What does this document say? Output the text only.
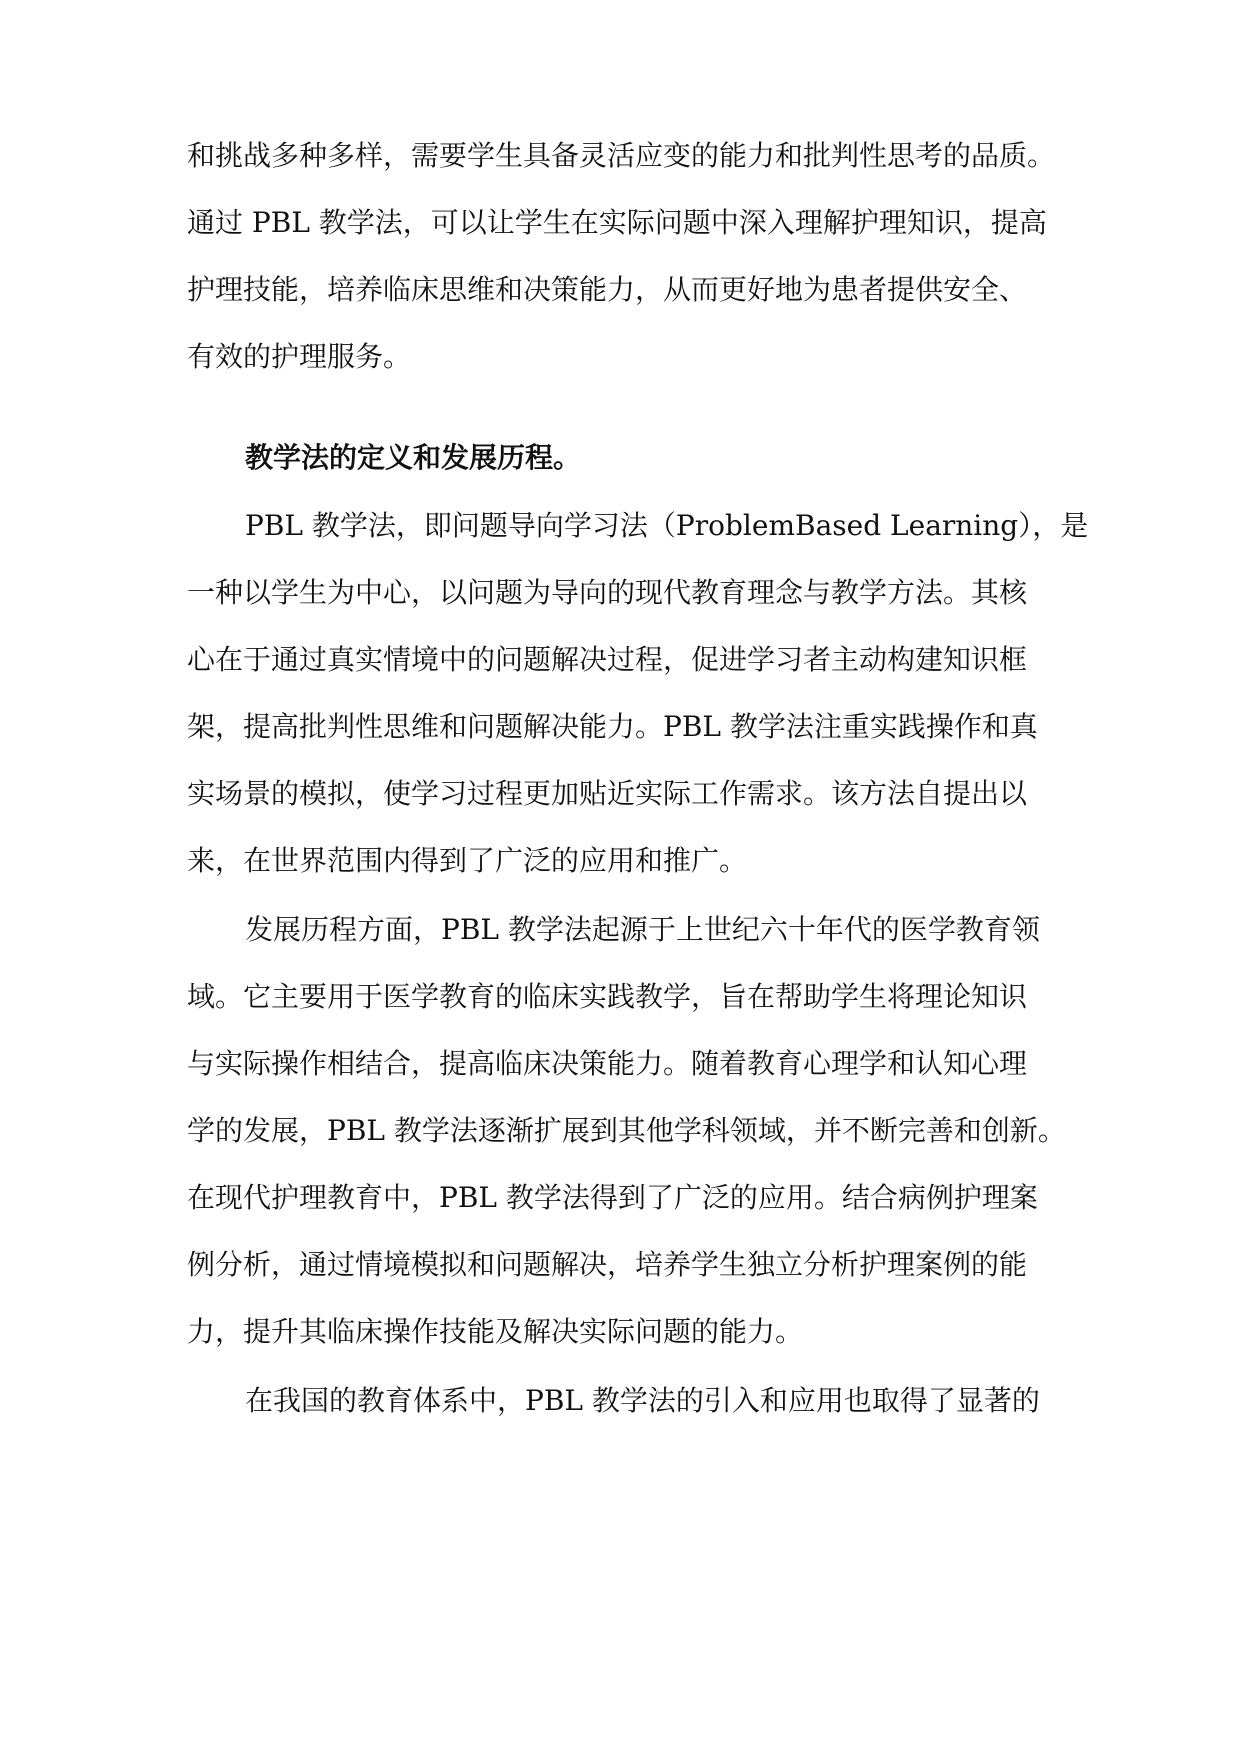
和挑战多种多样，需要学生具备灵活应变的能力和批判性思考的品质。
通过 PBL 教学法，可以让学生在实际问题中深入理解护理知识，提高
护理技能，培养临床思维和决策能力，从而更好地为患者提供安全、
有效的护理服务。
教学法的定义和发展历程。
PBL 教学法，即问题导向学习法（ProblemBased Learning），是
一种以学生为中心，以问题为导向的现代教育理念与教学方法。其核
心在于通过真实情境中的问题解决过程，促进学习者主动构建知识框
架，提高批判性思维和问题解决能力。PBL 教学法注重实践操作和真
实场景的模拟，使学习过程更加贴近实际工作需求。该方法自提出以
来，在世界范围内得到了广泛的应用和推广。
发展历程方面，PBL 教学法起源于上世纪六十年代的医学教育领
域。它主要用于医学教育的临床实践教学，旨在帮助学生将理论知识
与实际操作相结合，提高临床决策能力。随着教育心理学和认知心理
学的发展，PBL 教学法逐渐扩展到其他学科领域，并不断完善和创新。
在现代护理教育中，PBL 教学法得到了广泛的应用。结合病例护理案
例分析，通过情境模拟和问题解决，培养学生独立分析护理案例的能
力，提升其临床操作技能及解决实际问题的能力。
在我国的教育体系中，PBL 教学法的引入和应用也取得了显著的
